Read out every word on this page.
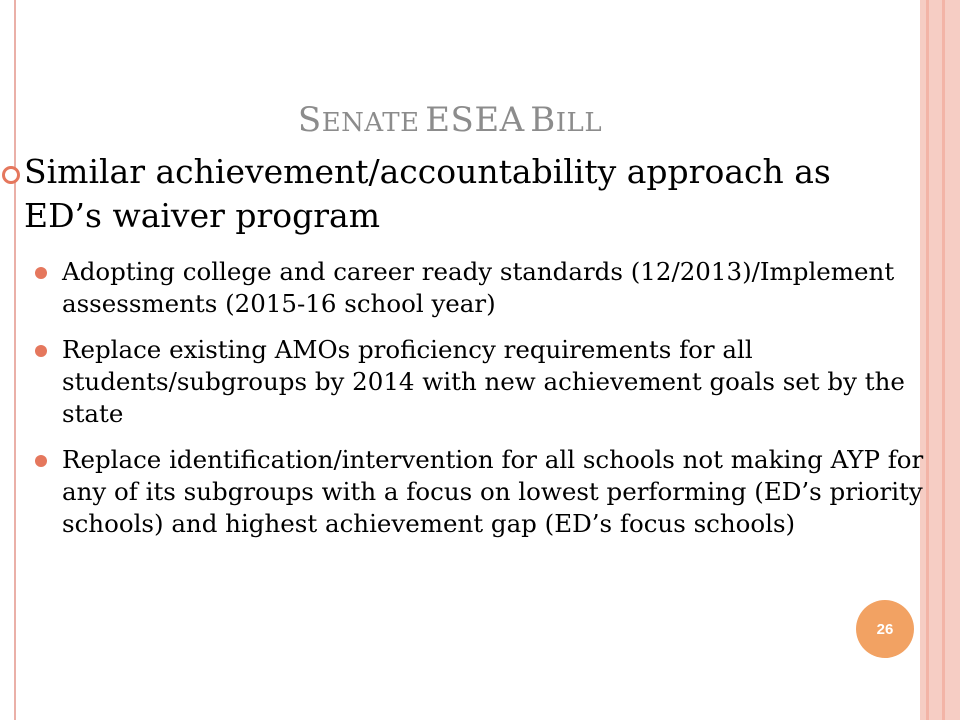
SENATE ESEA BILL
Similar achievement/accountability approach as ED’s waiver program
Adopting college and career ready standards (12/2013)/Implement assessments (2015-16 school year)
Replace existing AMOs proficiency requirements for all students/subgroups by 2014 with new achievement goals set by the state
Replace identification/intervention for all schools not making AYP for any of its subgroups with a focus on lowest performing (ED’s priority schools) and highest achievement gap (ED’s focus schools)
26
